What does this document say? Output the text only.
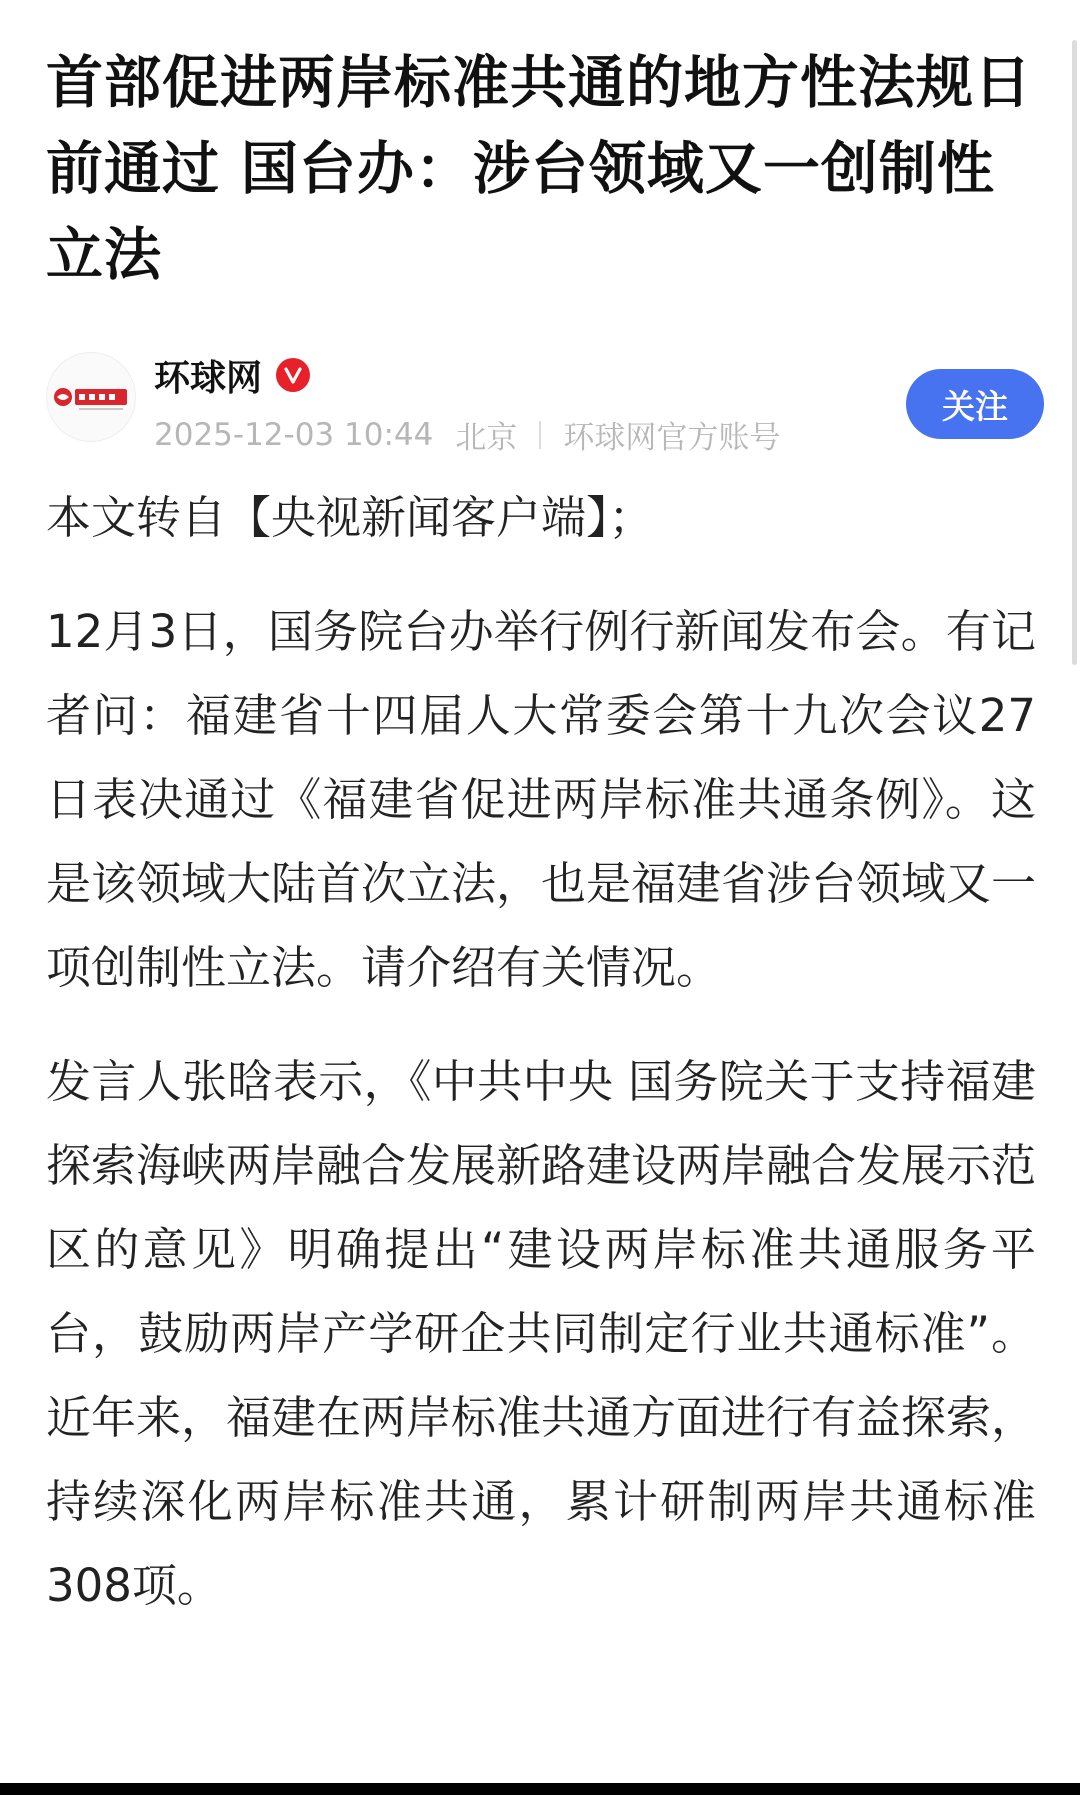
首部促进两岸标准共通的地方性法规日前通过 国台办：涉台领域又一创制性立法
环球网
2025-12-03 10:44 北京 环球网官方账号
关注

本文转自【央视新闻客户端】；

12月3日，国务院台办举行例行新闻发布会。有记者问：福建省十四届人大常委会第十九次会议27日表决通过《福建省促进两岸标准共通条例》。这是该领域大陆首次立法，也是福建省涉台领域又一项创制性立法。请介绍有关情况。

发言人张晗表示，《中共中央 国务院关于支持福建探索海峡两岸融合发展新路建设两岸融合发展示范区的意见》明确提出“建设两岸标准共通服务平台，鼓励两岸产学研企共同制定行业共通标准”。近年来，福建在两岸标准共通方面进行有益探索，持续深化两岸标准共通，累计研制两岸共通标准308项。
